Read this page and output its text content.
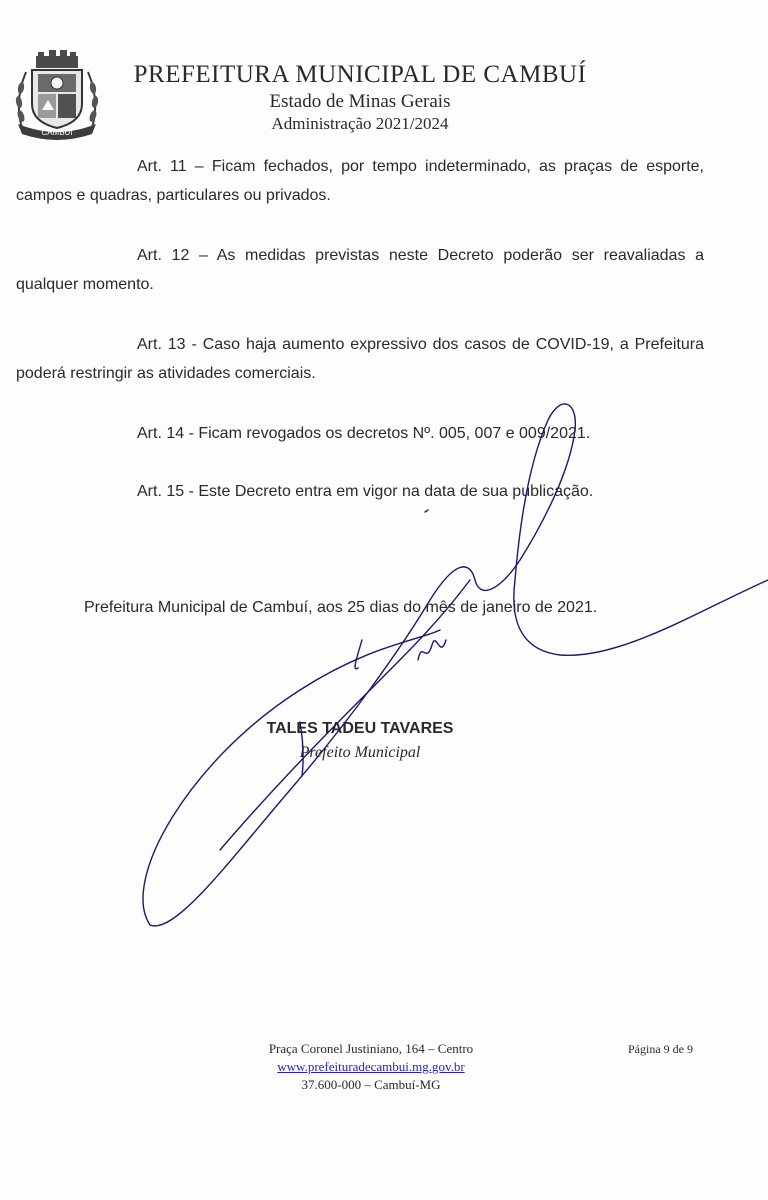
CAMBUÍ
PREFEITURA MUNICIPAL DE CAMBUÍ
Estado de Minas Gerais
Administração 2021/2024

Art. 11 – Ficam fechados, por tempo indeterminado, as praças de esporte, campos e quadras, particulares ou privados.

Art. 12 – As medidas previstas neste Decreto poderão ser reavaliadas a qualquer momento.

Art. 13 - Caso haja aumento expressivo dos casos de COVID-19, a Prefeitura poderá restringir as atividades comerciais.

Art. 14 - Ficam revogados os decretos Nº. 005, 007 e 009/2021.
Art. 15 - Este Decreto entra em vigor na data de sua publicação.
Prefeitura Municipal de Cambuí, aos 25 dias do mês de janeiro de 2021.
TALES TADEU TAVARES
Prefeito Municipal
Praça Coronel Justiniano, 164 – Centro
www.prefeituradecambui.mg.gov.br
37.600-000 – Cambuí-MG
Página 9 de 9
